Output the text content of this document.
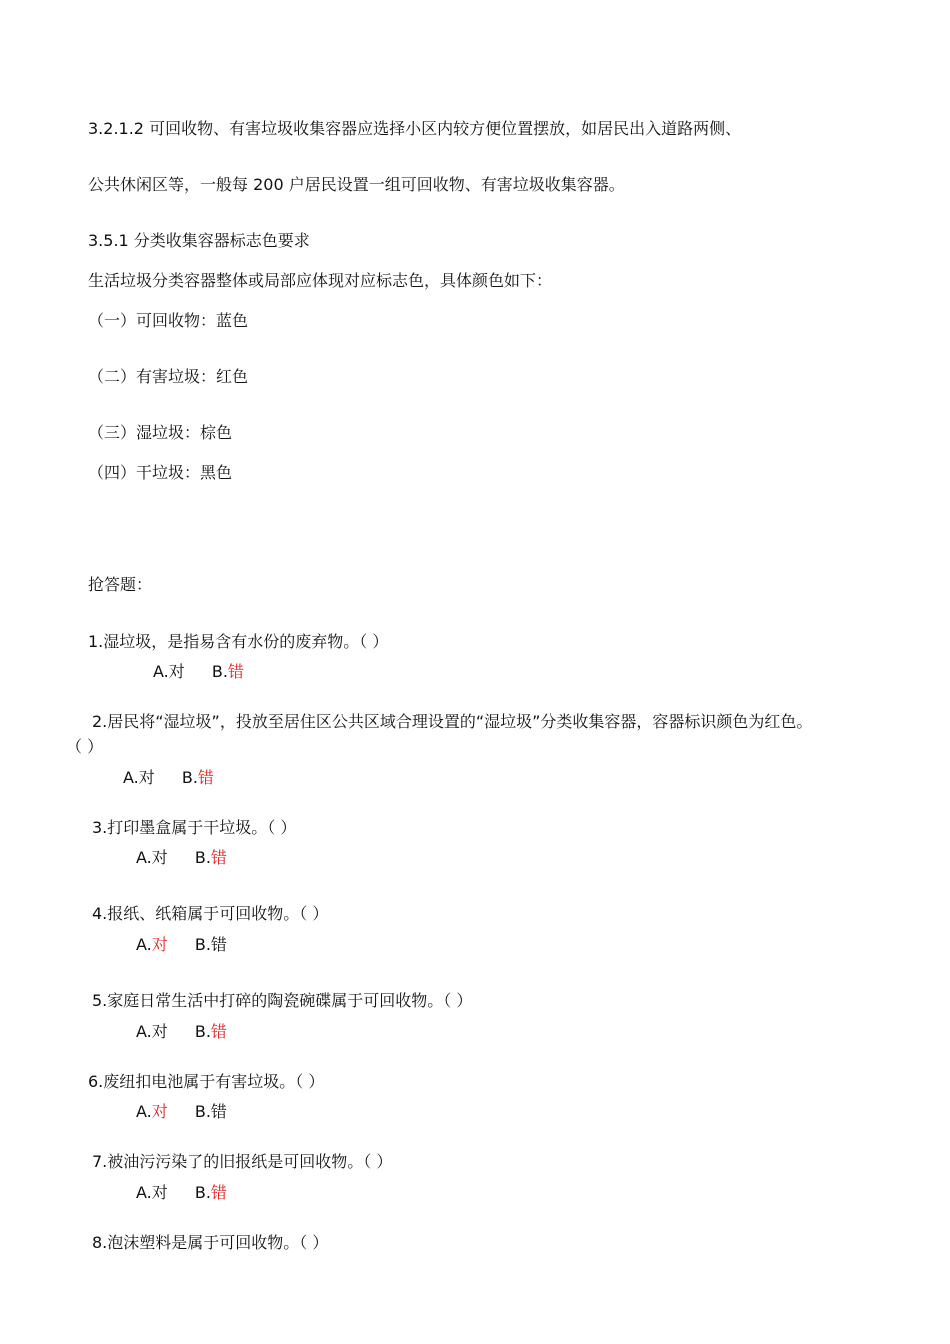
3.2.1.2 可回收物、有害垃圾收集容器应选择小区内较方便位置摆放，如居民出入道路两侧、
公共休闲区等，一般每 200 户居民设置一组可回收物、有害垃圾收集容器。
3.5.1 分类收集容器标志色要求
生活垃圾分类容器整体或局部应体现对应标志色，具体颜色如下：
（一）可回收物：蓝色
（二）有害垃圾：红色
（三）湿垃圾：棕色
（四）干垃圾：黑色
抢答题：
1.湿垃圾，是指易含有水份的废弃物。（ ）
A.对 B.错
2.居民将“湿垃圾”，投放至居住区公共区域合理设置的“湿垃圾”分类收集容器，容器标识颜色为红色。
（ ）
A.对 B.错
3.打印墨盒属于干垃圾。（ ）
A.对 B.错
4.报纸、纸箱属于可回收物。（ ）
A.对 B.错
5.家庭日常生活中打碎的陶瓷碗碟属于可回收物。（ ）
A.对 B.错
6.废纽扣电池属于有害垃圾。（ ）
A.对 B.错
7.被油污污染了的旧报纸是可回收物。（ ）
A.对 B.错
8.泡沫塑料是属于可回收物。（ ）
